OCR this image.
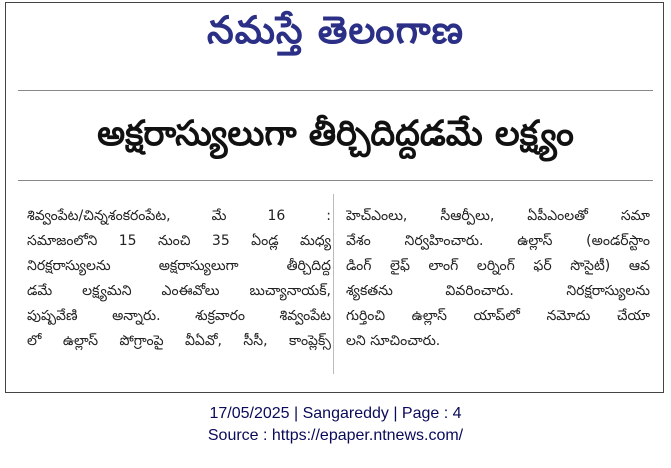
నమస్తే తెలంగాణ
అక్షరాస్యులుగా తీర్చిదిద్దడమే లక్ష్యం
శివ్వంపేట/చిన్నశంకరంపేట, మే 16 :
సమాజంలోని 15 నుంచి 35 ఏండ్ల మధ్య
నిరక్షరాస్యులను అక్షరాస్యులుగా తీర్చిదిద్ద
డమే లక్ష్యమని ఎంఈవోలు బుచ్యానాయక్,
పుష్పవేణి అన్నారు. శుక్రవారం శివ్వంపేట
లో ఉల్లాస్ పోగ్రాంపై వీఏవో, సీసీ, కాంప్లెక్స్
హెచ్ఎంలు, సీఆర్పీలు, ఏపీఎంలతో సమా
వేశం నిర్వహించారు. ఉల్లాస్ (అండర్‌స్టాం
డింగ్ లైఫ్ లాంగ్ లర్నింగ్ ఫర్ సొసైటీ) ఆవ
శ్యకతను వివరించారు. నిరక్షరాస్యులను
గుర్తించి ఉల్లాస్ యాప్‌లో నమోదు చేయా
లని సూచించారు.
17/05/2025 | Sangareddy | Page : 4
Source : https://epaper.ntnews.com/
